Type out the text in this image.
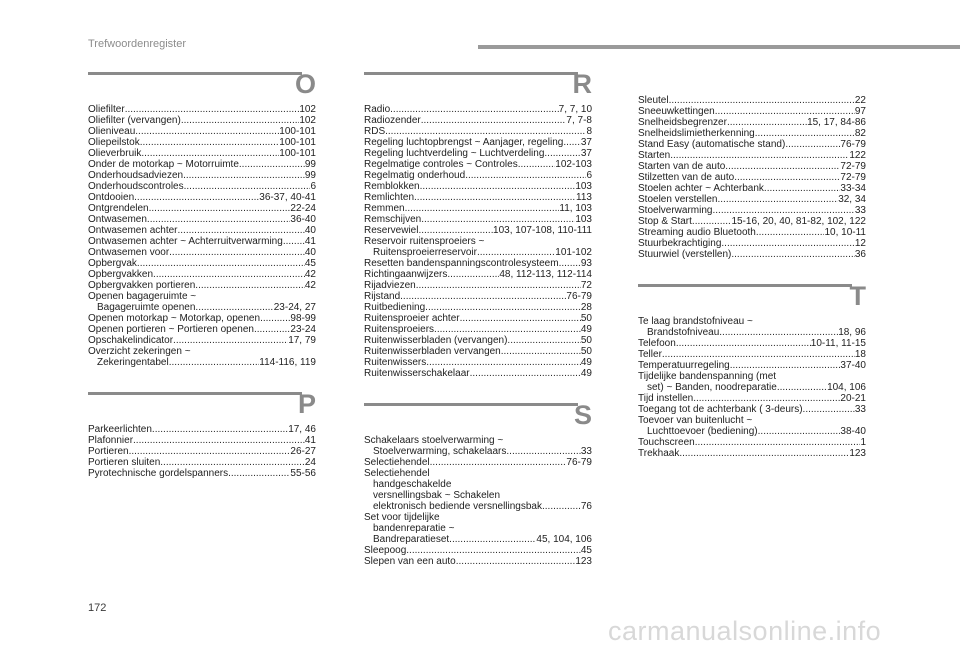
Trefwoordenregister
O
Oliefilter .....	102
Oliefilter (vervangen) .....	102
Olieniveau .....	100-101
Oliepeilstok .....	100-101
Olieverbruik .....	100-101
Onder de motorkap ~ Motorruimte .....	99
Onderhoudsadviezen .....	99
Onderhoudscontroles .....	6
Ontdooien .....	36-37, 40-41
Ontgrendelen .....	22-24
Ontwasemen .....	36-40
Ontwasemen achter .....	40
Ontwasemen achter ~ Achterruitverwarming ..... 41
Ontwasemen voor .....	40
Opbergvak .....	45
Opbergvakken .....	42
Opbergvakken portieren .....	42
Openen bagageruimte ~
Bagageruimte openen .....	23-24, 27
Openen motorkap ~ Motorkap, openen .....	98-99
Openen portieren ~ Portieren openen .....	23-24
Opschakelindicator .....	17, 79
Overzicht zekeringen ~
Zekeringentabel .....	114-116, 119
P
Parkeerlichten .....	17, 46
Plafonnier .....	41
Portieren .....	26-27
Portieren sluiten .....	24
Pyrotechnische gordelspanners .....	55-56
R
Radio .....	7, 7, 10
Radiozender .....	7, 7-8
RDS .....	8
Regeling luchtopbrengst ~ Aanjager, regeling ..... 37
Regeling luchtverdeling ~ Luchtverdeling .....	37
Regelmatige controles ~ Controles .....	102-103
Regelmatig onderhoud .....	6
Remblokken .....	103
Remlichten .....	113
Remmen .....	11, 103
Remschijven .....	103
Reservewiel .....	103, 107-108, 110-111
Reservoir ruitensproeiers ~
Ruitensproeierreservoir .....	101-102
Resetten bandenspanningscontrolesysteem ..... 93
Richtingaanwijzers .....	48, 112-113, 112-114
Rijadviezen .....	72
Rijstand .....	76-79
Ruitbediening .....	28
Ruitensproeier achter .....	50
Ruitensproeiers .....	49
Ruitenwisserbladen (vervangen) .....	50
Ruitenwisserbladen vervangen .....	50
Ruitenwissers .....	49
Ruitenwisserschakelaar .....	49
S
Schakelaars stoelverwarming ~
Stoelverwarming, schakelaars .....	33
Selectiehendel .....	76-79
Selectiehendel
handgeschakelde
versnellingsbak ~ Schakelen
elektronisch bediende versnellingsbak .....	76
Set voor tijdelijke
bandenreparatie ~
Bandreparatieset .....	45, 104, 106
Sleepoog .....	45
Slepen van een auto .....	123
Sleutel .....	22
Sneeuwkettingen .....	97
Snelheidsbegrenzer .....	15, 17, 84-86
Snelheidslimietherkenning .....	82
Stand Easy (automatische stand) .....	76-79
Starten .....	122
Starten van de auto .....	72-79
Stilzetten van de auto .....	72-79
Stoelen achter ~ Achterbank .....	33-34
Stoelen verstellen .....	32, 34
Stoelverwarming .....	33
Stop & Start .....	15-16, 20, 40, 81-82, 102, 122
Streaming audio Bluetooth .....	10, 10-11
Stuurbekrachtiging .....	12
Stuurwiel (verstellen) .....	36
T
Te laag brandstofniveau ~
Brandstofniveau .....	18, 96
Telefoon .....	10-11, 11-15
Teller .....	18
Temperatuurregeling .....	37-40
Tijdelijke bandenspanning (met
set) ~ Banden, noodreparatie .....	104, 106
Tijd instellen .....	20-21
Toegang tot de achterbank ( 3-deurs) .....	33
Toevoer van buitenlucht ~
Luchttoevoer (bediening) .....	38-40
Touchscreen .....	1
Trekhaak .....	123
172
carmanualsonline.info
